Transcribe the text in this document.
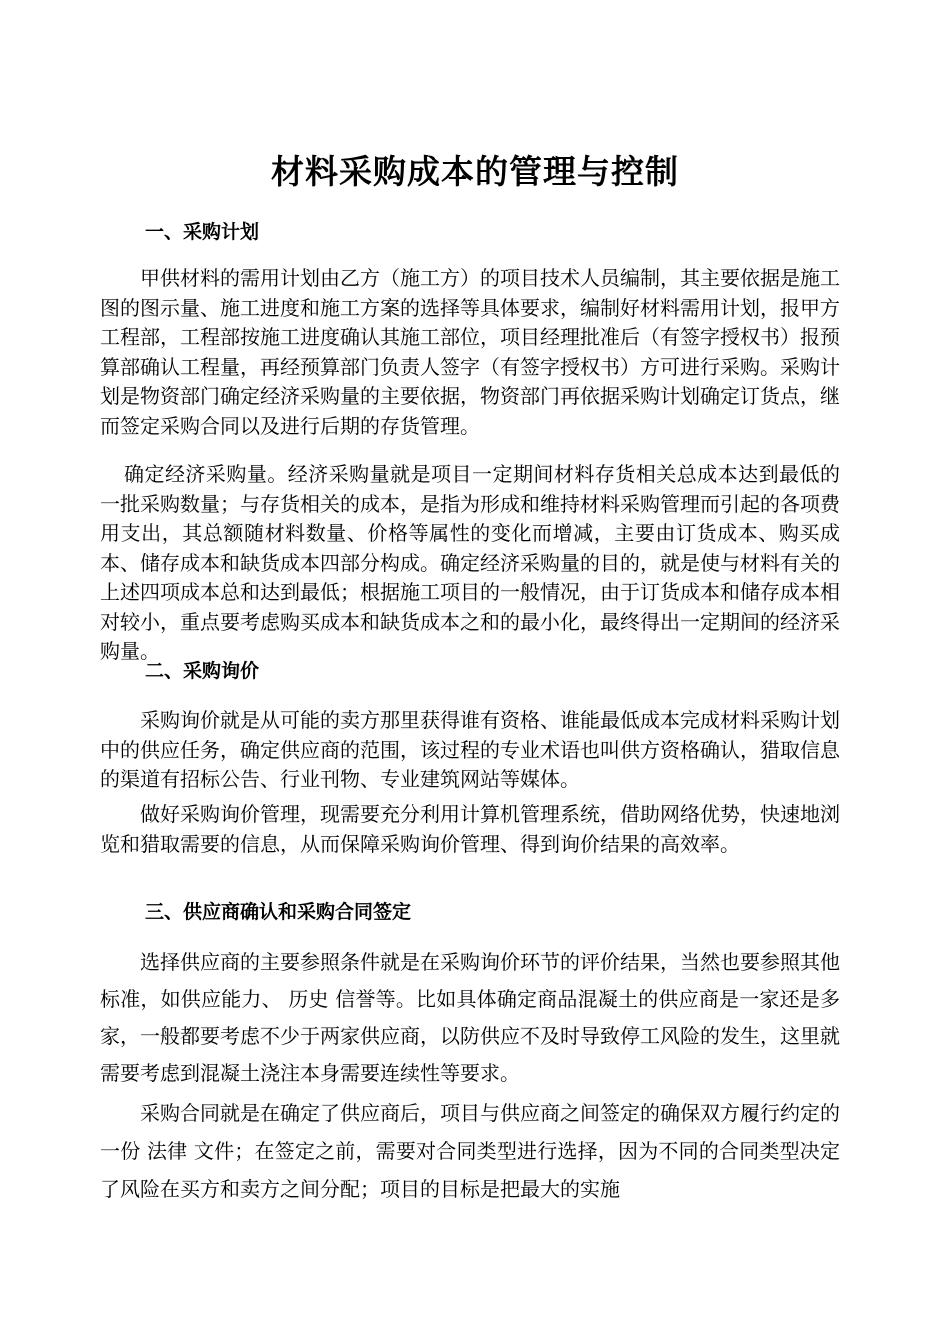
材料采购成本的管理与控制
一、采购计划

甲供材料的需用计划由乙方（施工方）的项目技术人员编制，其主要依据是施工图的图示量、施工进度和施工方案的选择等具体要求，编制好材料需用计划，报甲方工程部，工程部按施工进度确认其施工部位，项目经理批准后（有签字授权书）报预算部确认工程量，再经预算部门负责人签字（有签字授权书）方可进行采购。采购计划是物资部门确定经济采购量的主要依据，物资部门再依据采购计划确定订货点，继而签定采购合同以及进行后期的存货管理。

确定经济采购量。经济采购量就是项目一定期间材料存货相关总成本达到最低的一批采购数量；与存货相关的成本，是指为形成和维持材料采购管理而引起的各项费用支出，其总额随材料数量、价格等属性的变化而增减，主要由订货成本、购买成本、储存成本和缺货成本四部分构成。确定经济采购量的目的，就是使与材料有关的上述四项成本总和达到最低；根据施工项目的一般情况，由于订货成本和储存成本相对较小，重点要考虑购买成本和缺货成本之和的最小化，最终得出一定期间的经济采购量。

二、采购询价

采购询价就是从可能的卖方那里获得谁有资格、谁能最低成本完成材料采购计划中的供应任务，确定供应商的范围，该过程的专业术语也叫供方资格确认，猎取信息的渠道有招标公告、行业刊物、专业建筑网站等媒体。

做好采购询价管理，现需要充分利用计算机管理系统，借助网络优势，快速地浏览和猎取需要的信息，从而保障采购询价管理、得到询价结果的高效率。

三、供应商确认和采购合同签定

选择供应商的主要参照条件就是在采购询价环节的评价结果，当然也要参照其他标准，如供应能力、 历史 信誉等。比如具体确定商品混凝土的供应商是一家还是多家，一般都要考虑不少于两家供应商，以防供应不及时导致停工风险的发生，这里就需要考虑到混凝土浇注本身需要连续性等要求。

采购合同就是在确定了供应商后，项目与供应商之间签定的确保双方履行约定的一份 法律 文件；在签定之前，需要对合同类型进行选择，因为不同的合同类型决定了风险在买方和卖方之间分配；项目的目标是把最大的实施
